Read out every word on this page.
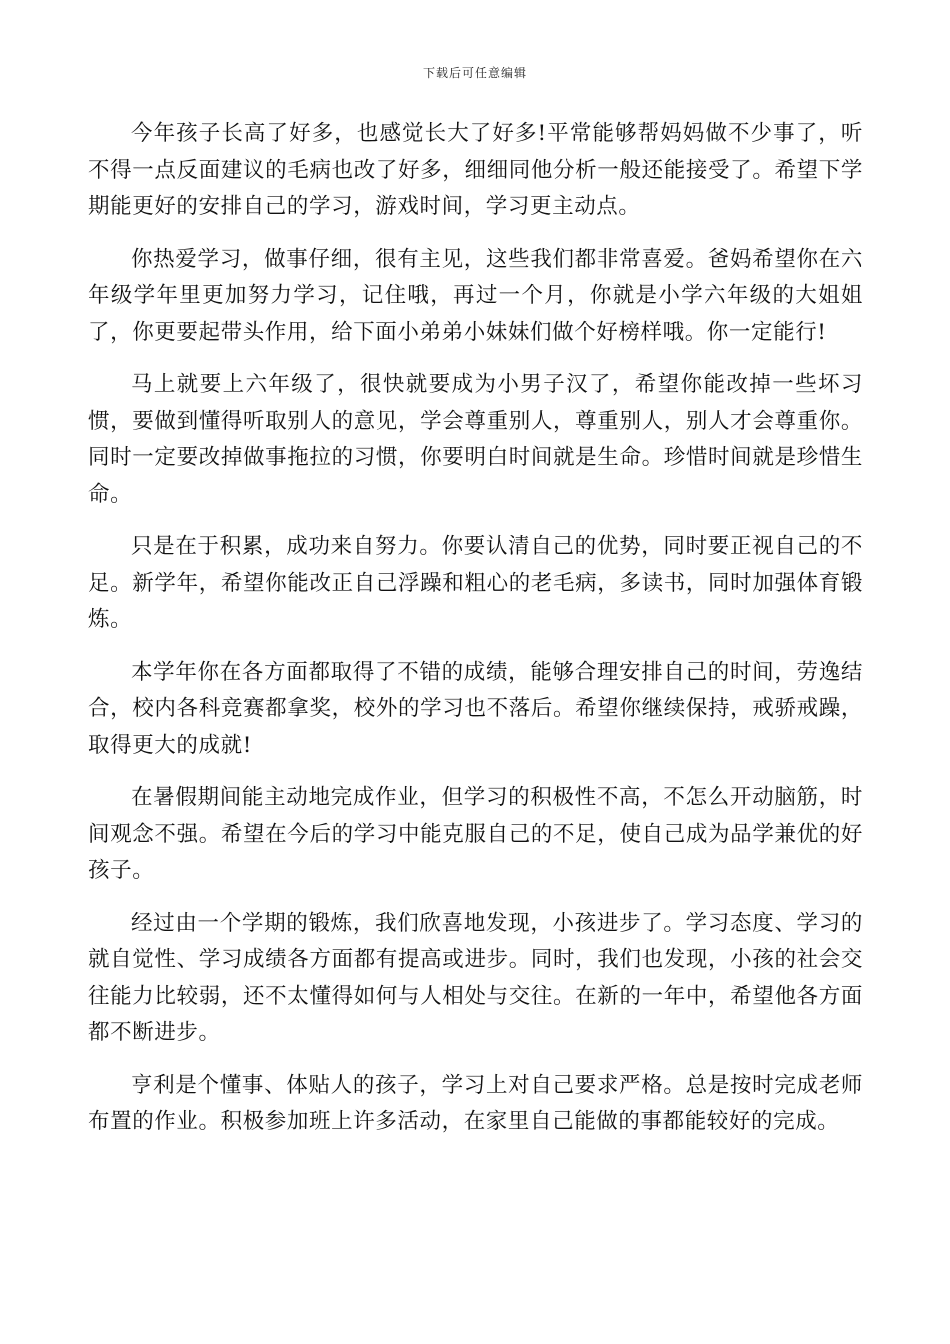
下载后可任意编辑

今年孩子长高了好多，也感觉长大了好多!平常能够帮妈妈做不少事了，听不得一点反面建议的毛病也改了好多，细细同他分析一般还能接受了。希望下学期能更好的安排自己的学习，游戏时间，学习更主动点。

你热爱学习，做事仔细，很有主见，这些我们都非常喜爱。爸妈希望你在六年级学年里更加努力学习，记住哦，再过一个月，你就是小学六年级的大姐姐了，你更要起带头作用，给下面小弟弟小妹妹们做个好榜样哦。你一定能行!

马上就要上六年级了，很快就要成为小男子汉了，希望你能改掉一些坏习惯，要做到懂得听取别人的意见，学会尊重别人，尊重别人，别人才会尊重你。同时一定要改掉做事拖拉的习惯，你要明白时间就是生命。珍惜时间就是珍惜生命。

只是在于积累，成功来自努力。你要认清自己的优势，同时要正视自己的不足。新学年，希望你能改正自己浮躁和粗心的老毛病，多读书，同时加强体育锻炼。

本学年你在各方面都取得了不错的成绩，能够合理安排自己的时间，劳逸结合，校内各科竞赛都拿奖，校外的学习也不落后。希望你继续保持，戒骄戒躁，取得更大的成就!

在暑假期间能主动地完成作业，但学习的积极性不高，不怎么开动脑筋，时间观念不强。希望在今后的学习中能克服自己的不足，使自己成为品学兼优的好孩子。

经过由一个学期的锻炼，我们欣喜地发现，小孩进步了。学习态度、学习的就自觉性、学习成绩各方面都有提高或进步。同时，我们也发现，小孩的社会交往能力比较弱，还不太懂得如何与人相处与交往。在新的一年中，希望他各方面都不断进步。

亨利是个懂事、体贴人的孩子，学习上对自己要求严格。总是按时完成老师布置的作业。积极参加班上许多活动，在家里自己能做的事都能较好的完成。
